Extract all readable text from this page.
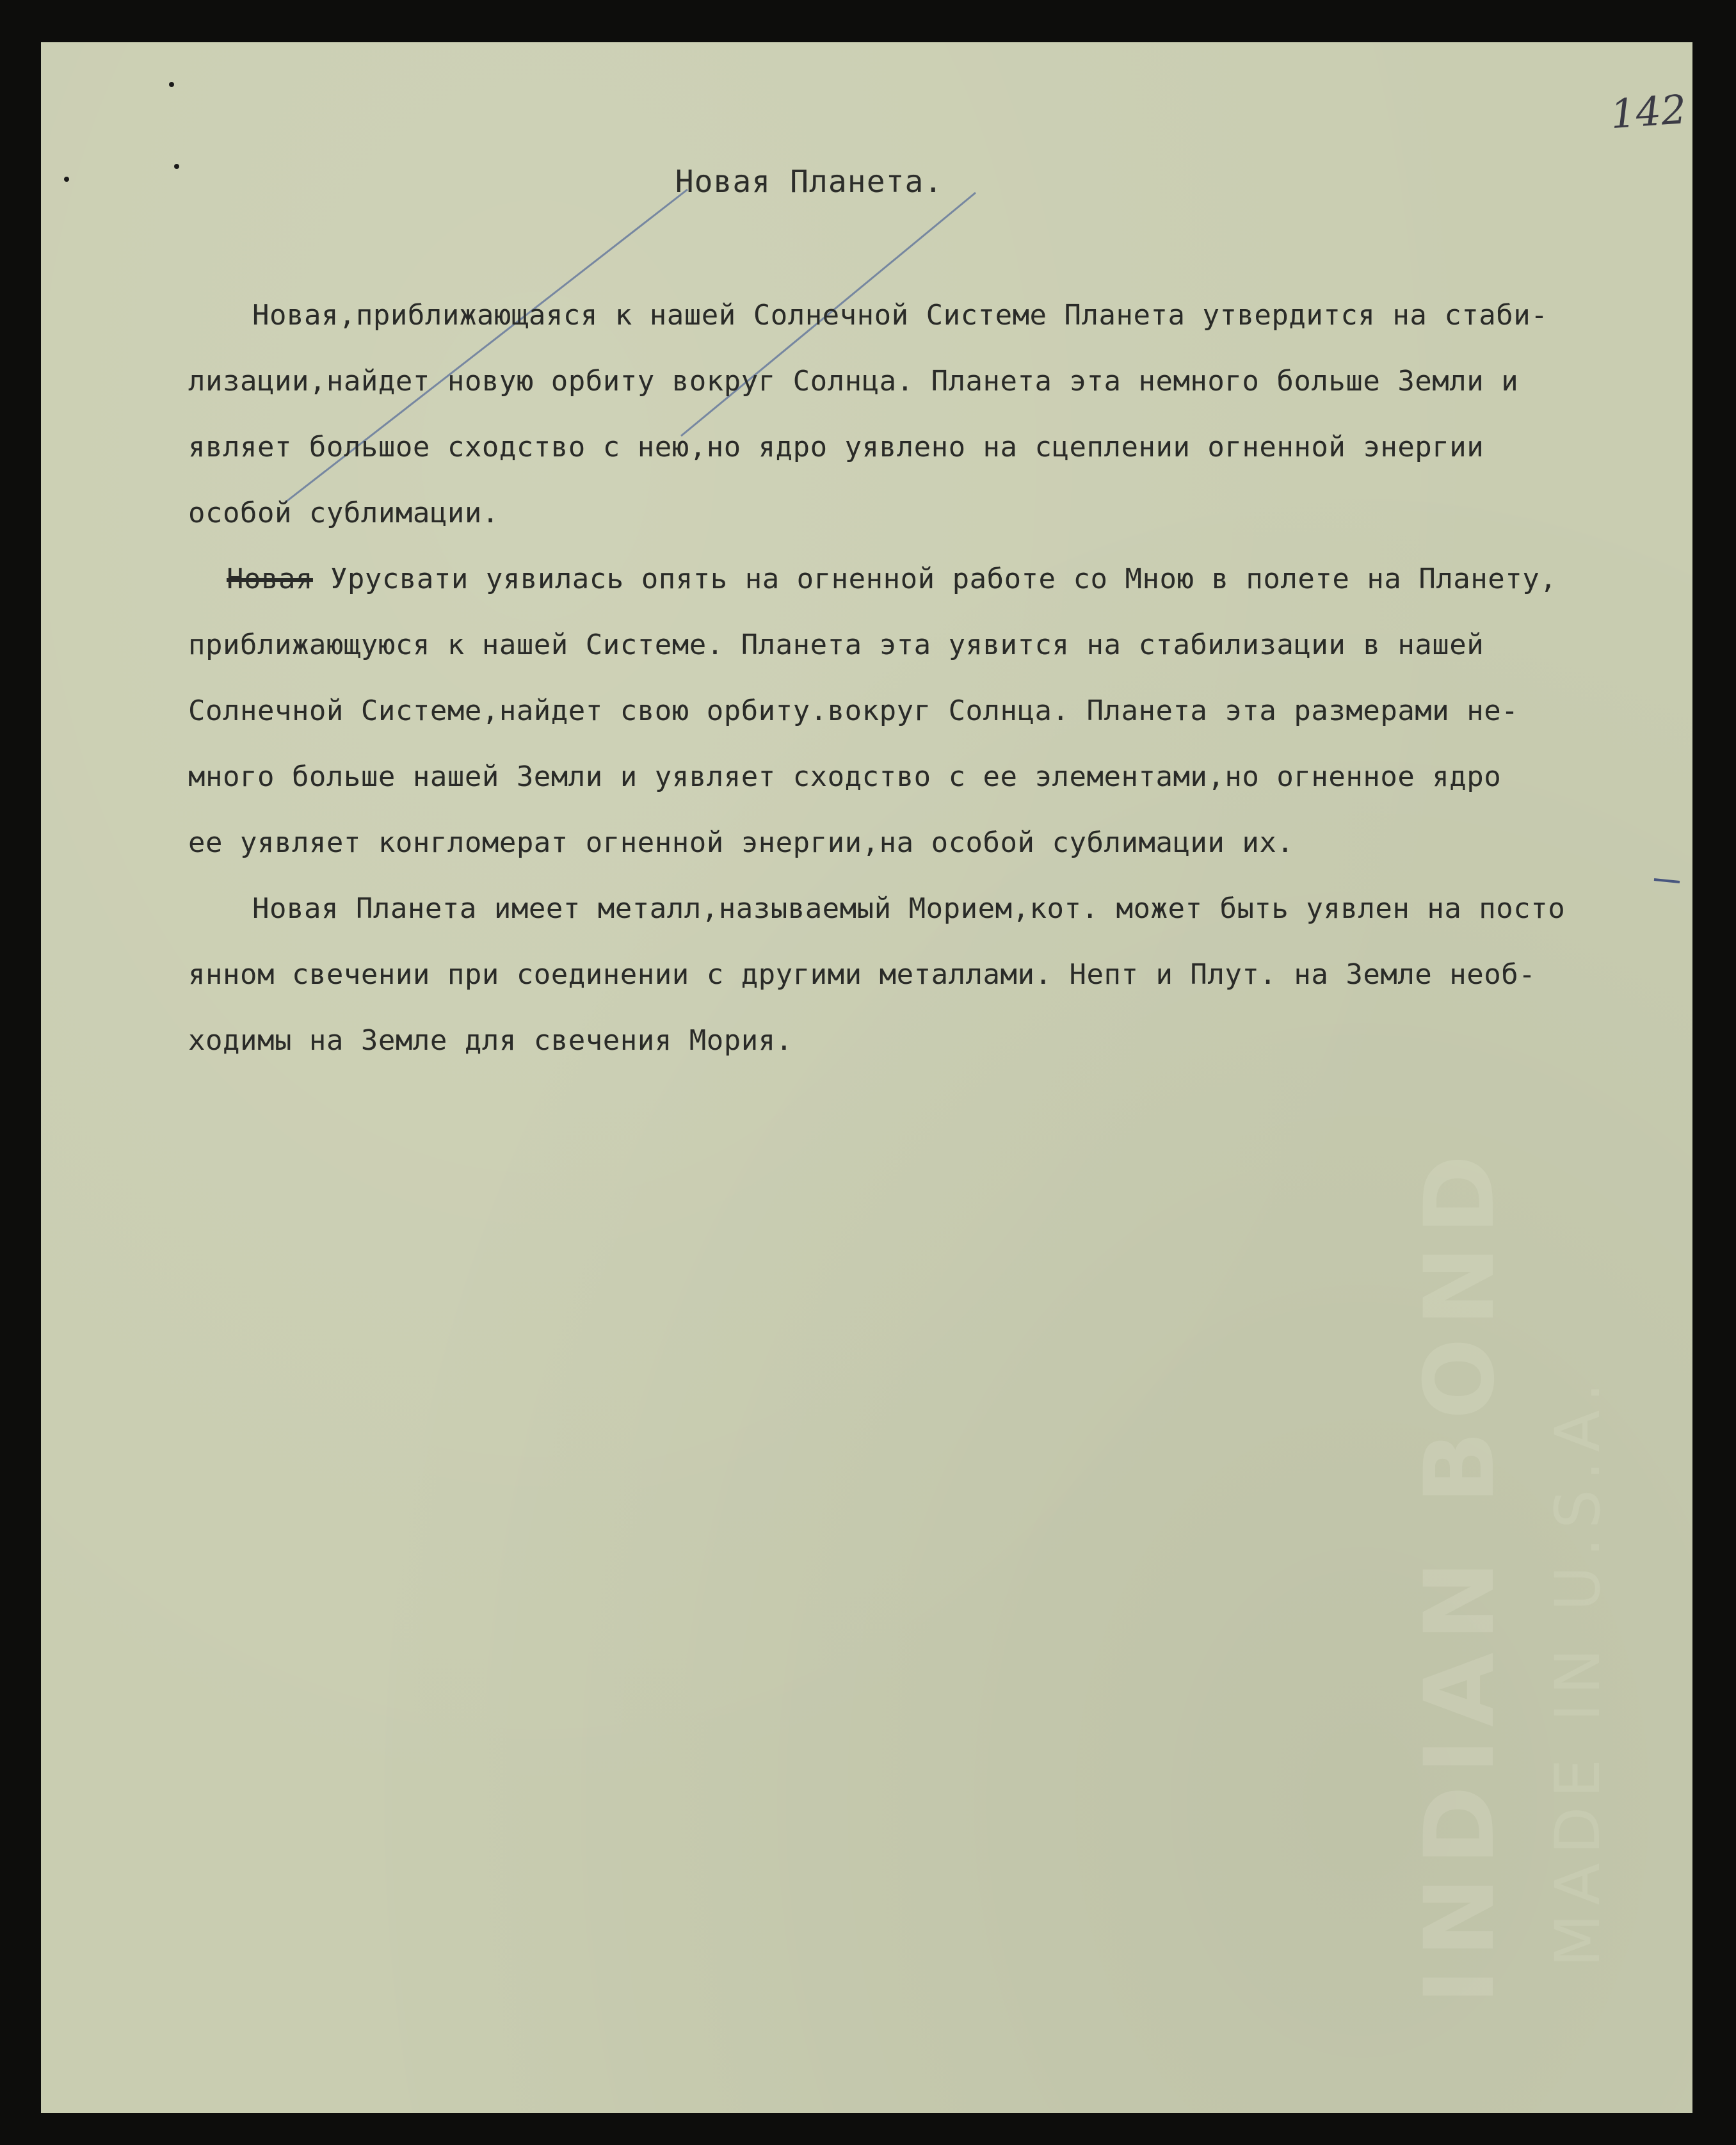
142
Новая Планета.
Новая,приближающаяся к нашей Солнечной Системе Планета утвердится на стаби-
лизации,найдет новую орбиту вокруг Солнца. Планета эта немного больше Земли и
являет большое сходство с нею,но ядро уявлено на сцеплении огненной энергии
особой сублимации.
Новая Урусвати уявилась опять на огненной работе со Мною в полете на Планету,
приближающуюся к нашей Системе. Планета эта уявится на стабилизации в нашей
Солнечной Системе,найдет свою орбиту.вокруг Солнца. Планета эта размерами не-
много больше нашей Земли и уявляет сходство с ее элементами,но огненное ядро
ее уявляет конгломерат огненной энергии,на особой сублимации их.
Новая Планета имеет металл,называемый Морием,кот. может быть уявлен на посто
янном свечении при соединении с другими металлами. Непт и Плут. на Земле необ-
ходимы на Земле для свечения Мория.
INDIAN BOND MADE IN U.S.A.
